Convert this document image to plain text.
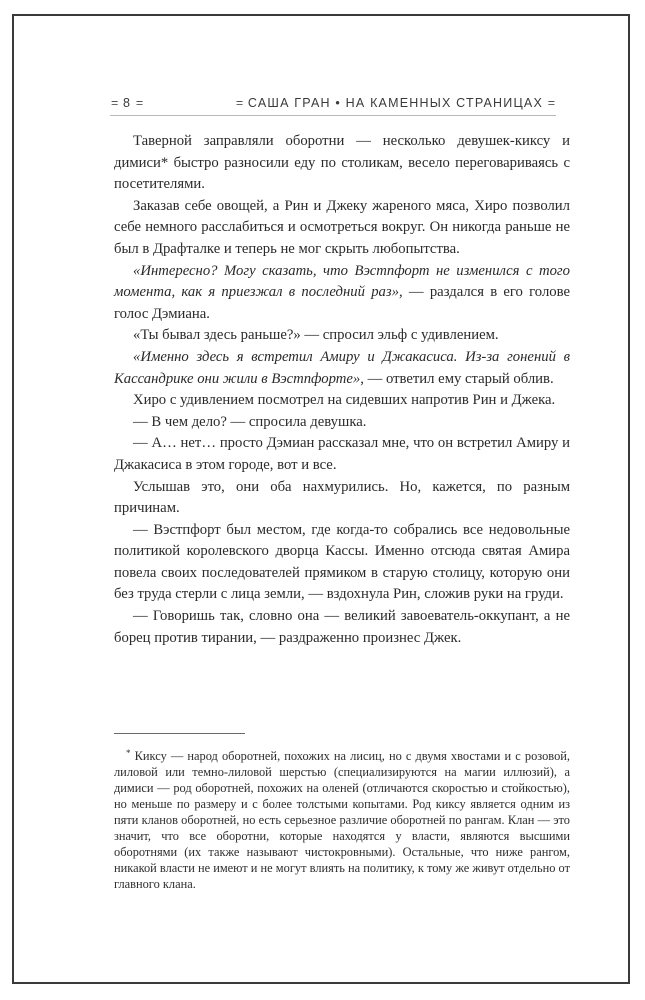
= 8 =	= САША ГРАН • НА КАМЕННЫХ СТРАНИЦАХ =

Таверной заправляли оборотни — несколько девушек-киксу и димиси* быстро разносили еду по столикам, весело переговариваясь с посетителями.

Заказав себе овощей, а Рин и Джеку жареного мяса, Хиро позволил себе немного расслабиться и осмотреться вокруг. Он никогда раньше не был в Драфталке и теперь не мог скрыть любопытства.

«Интересно? Могу сказать, что Вэстпфорт не изменился с того момента, как я приезжал в последний раз», — раздался в его голове голос Дэмиана.

«Ты бывал здесь раньше?» — спросил эльф с удивлением.

«Именно здесь я встретил Амиру и Джакасиса. Из-за гонений в Кассандрике они жили в Вэстпфорте», — ответил ему старый облив.

Хиро с удивлением посмотрел на сидевших напротив Рин и Джека.

— В чем дело? — спросила девушка.

— А… нет… просто Дэмиан рассказал мне, что он встретил Амиру и Джакасиса в этом городе, вот и все.

Услышав это, они оба нахмурились. Но, кажется, по разным причинам.

— Вэстпфорт был местом, где когда-то собрались все недовольные политикой королевского дворца Кассы. Именно отсюда святая Амира повела своих последователей прямиком в старую столицу, которую они без труда стерли с лица земли, — вздохнула Рин, сложив руки на груди.

— Говоришь так, словно она — великий завоеватель-оккупант, а не борец против тирании, — раздраженно произнес Джек.

* Киксу — народ оборотней, похожих на лисиц, но с двумя хвостами и с розовой, лиловой или темно-лиловой шерстью (специализируются на магии иллюзий), а димиси — род оборотней, похожих на оленей (отличаются скоростью и стойкостью), но меньше по размеру и с более толстыми копытами. Род киксу является одним из пяти кланов оборотней, но есть серьезное различие оборотней по рангам. Клан — это значит, что все оборотни, которые находятся у власти, являются высшими оборотнями (их также называют чистокровными). Остальные, что ниже рангом, никакой власти не имеют и не могут влиять на политику, к тому же живут отдельно от главного клана.
